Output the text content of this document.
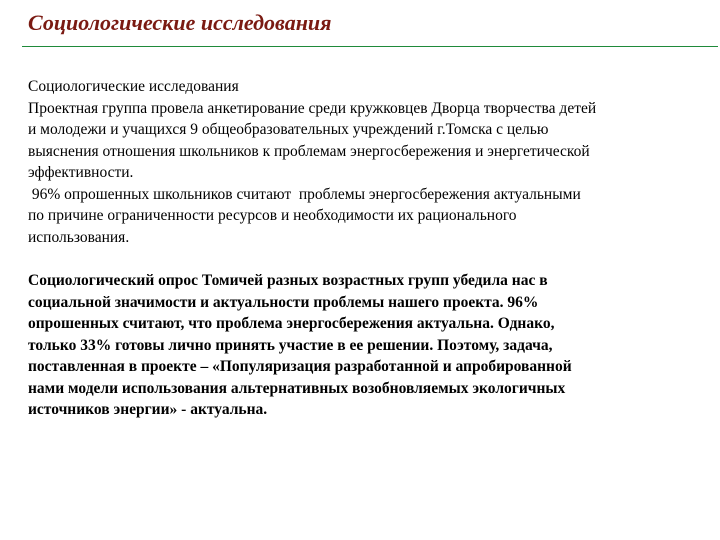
Социологические исследования

Социологические исследования

Проектная группа провела анкетирование среди кружковцев Дворца творчества детей
и молодежи и учащихся 9 общеобразовательных учреждений г.Томска с целью
выяснения отношения школьников к проблемам энергосбережения и энергетической
эффективности.
96% опрошенных школьников считают  проблемы энергосбережения актуальными
по причине ограниченности ресурсов и необходимости их рационального
использования.

Социологический опрос Томичей разных возрастных групп убедила нас в
социальной значимости и актуальности проблемы нашего проекта. 96%
опрошенных считают, что проблема энергосбережения актуальна. Однако,
только 33% готовы лично принять участие в ее решении. Поэтому, задача,
поставленная в проекте – «Популяризация разработанной и апробированной
нами модели использования альтернативных возобновляемых экологичных
источников энергии» - актуальна.
